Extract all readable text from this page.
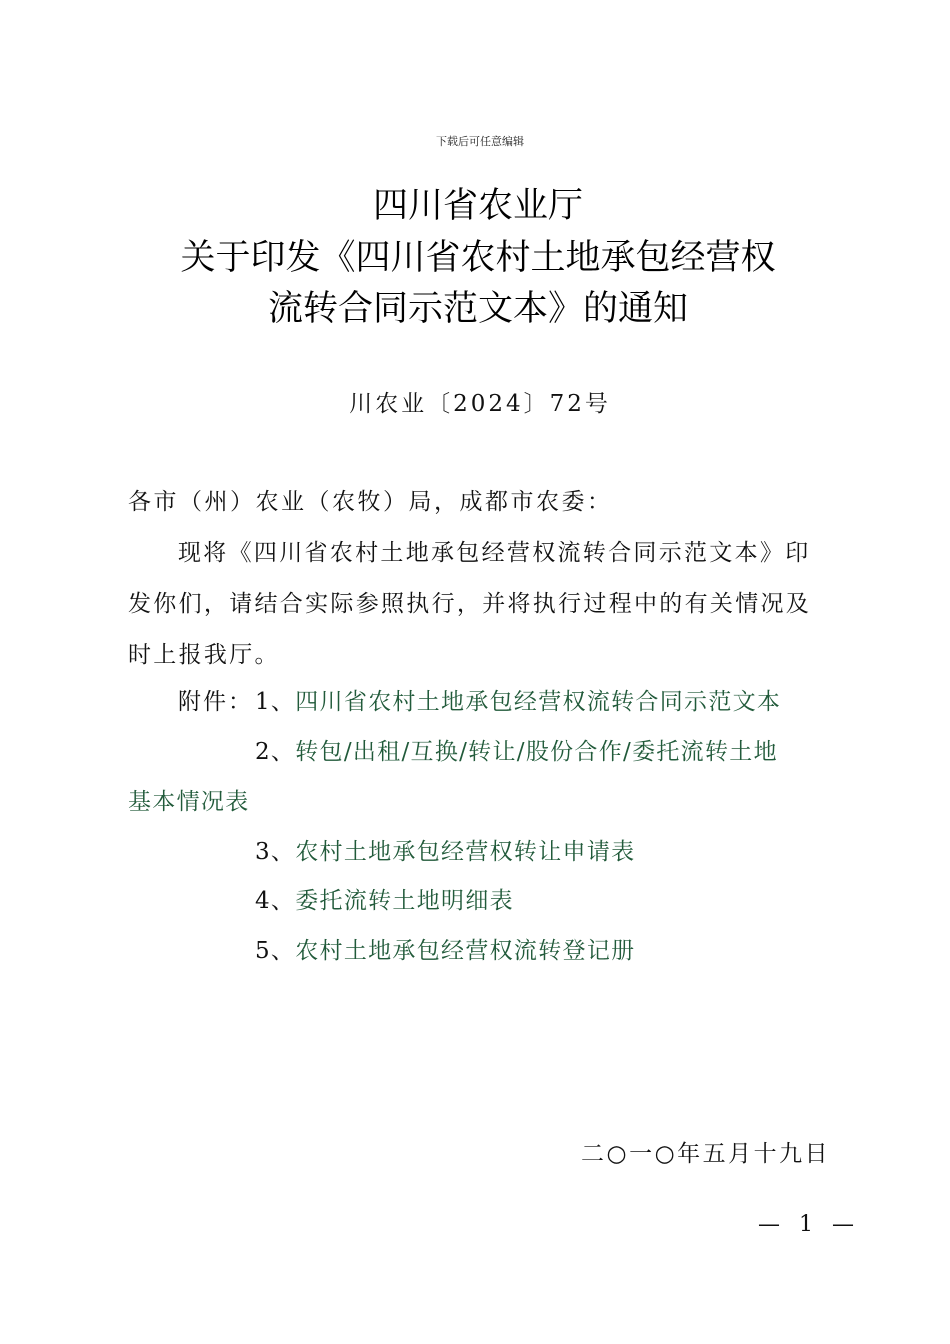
下载后可任意编辑
四川省农业厅
关于印发《四川省农村土地承包经营权
流转合同示范文本》的通知
川农业〔2024〕72号
各市（州）农业（农牧）局，成都市农委：
现将《四川省农村土地承包经营权流转合同示范文本》印
发你们，请结合实际参照执行，并将执行过程中的有关情况及
时上报我厅。
附件： 1、四川省农村土地承包经营权流转合同示范文本
2、转包/出租/互换/转让/股份合作/委托流转土地
基本情况表
3、农村土地承包经营权转让申请表
4、委托流转土地明细表
5、农村土地承包经营权流转登记册
二○一○年五月十九日
— 1 —
